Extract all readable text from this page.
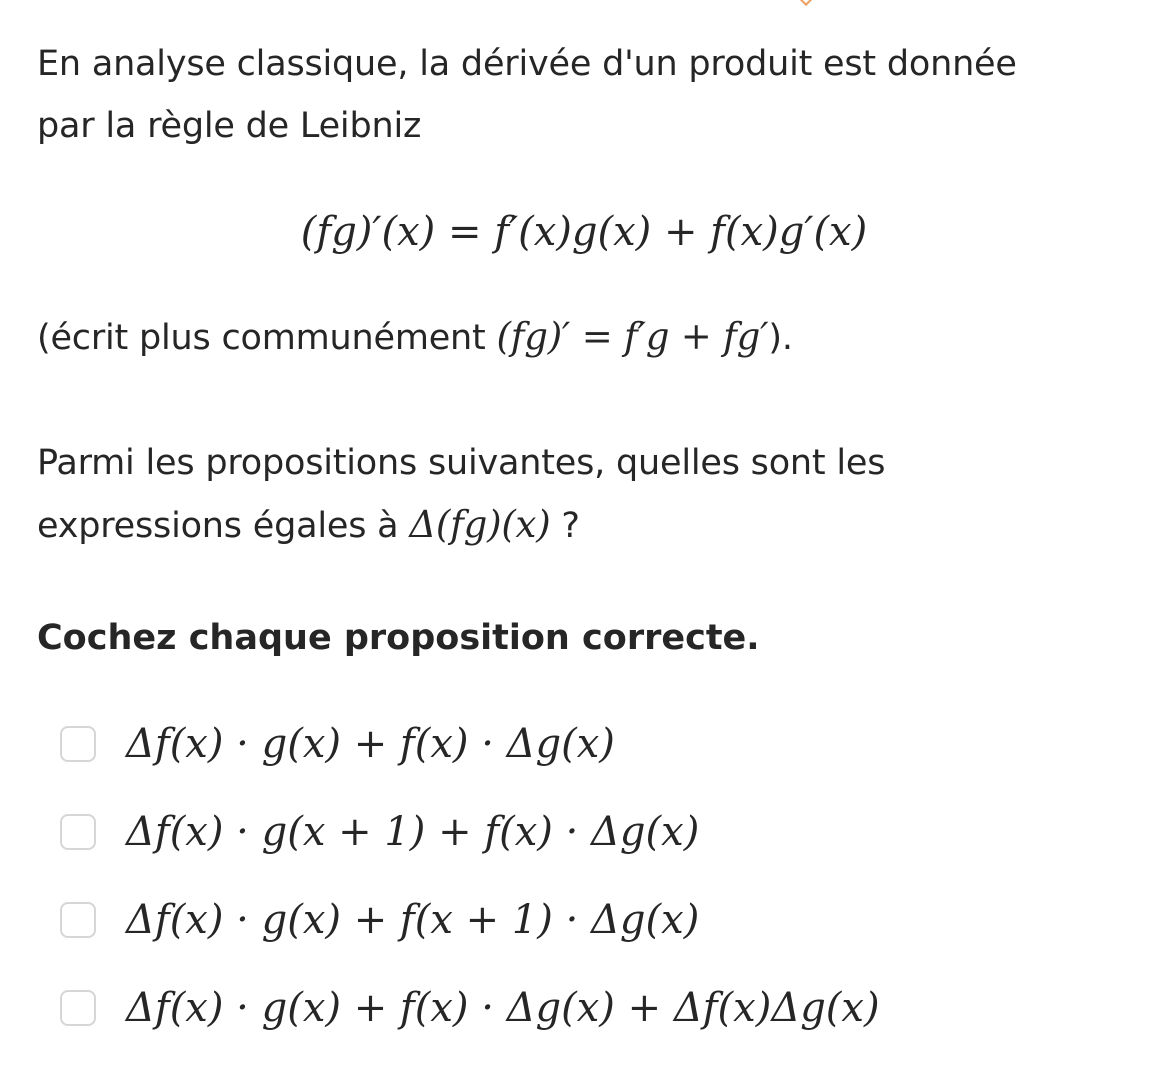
En analyse classique, la dérivée d'un produit est donnée
par la règle de Leibniz

(fg)′(x) = f′(x)g(x) + f(x)g′(x)

(écrit plus communément (fg)′ = f′g + fg′).

Parmi les propositions suivantes, quelles sont les
expressions égales à Δ(fg)(x) ?

Cochez chaque proposition correcte.

Δf(x) · g(x) + f(x) · Δg(x)
Δf(x) · g(x + 1) + f(x) · Δg(x)
Δf(x) · g(x) + f(x + 1) · Δg(x)
Δf(x) · g(x) + f(x) · Δg(x) + Δf(x)Δg(x)
